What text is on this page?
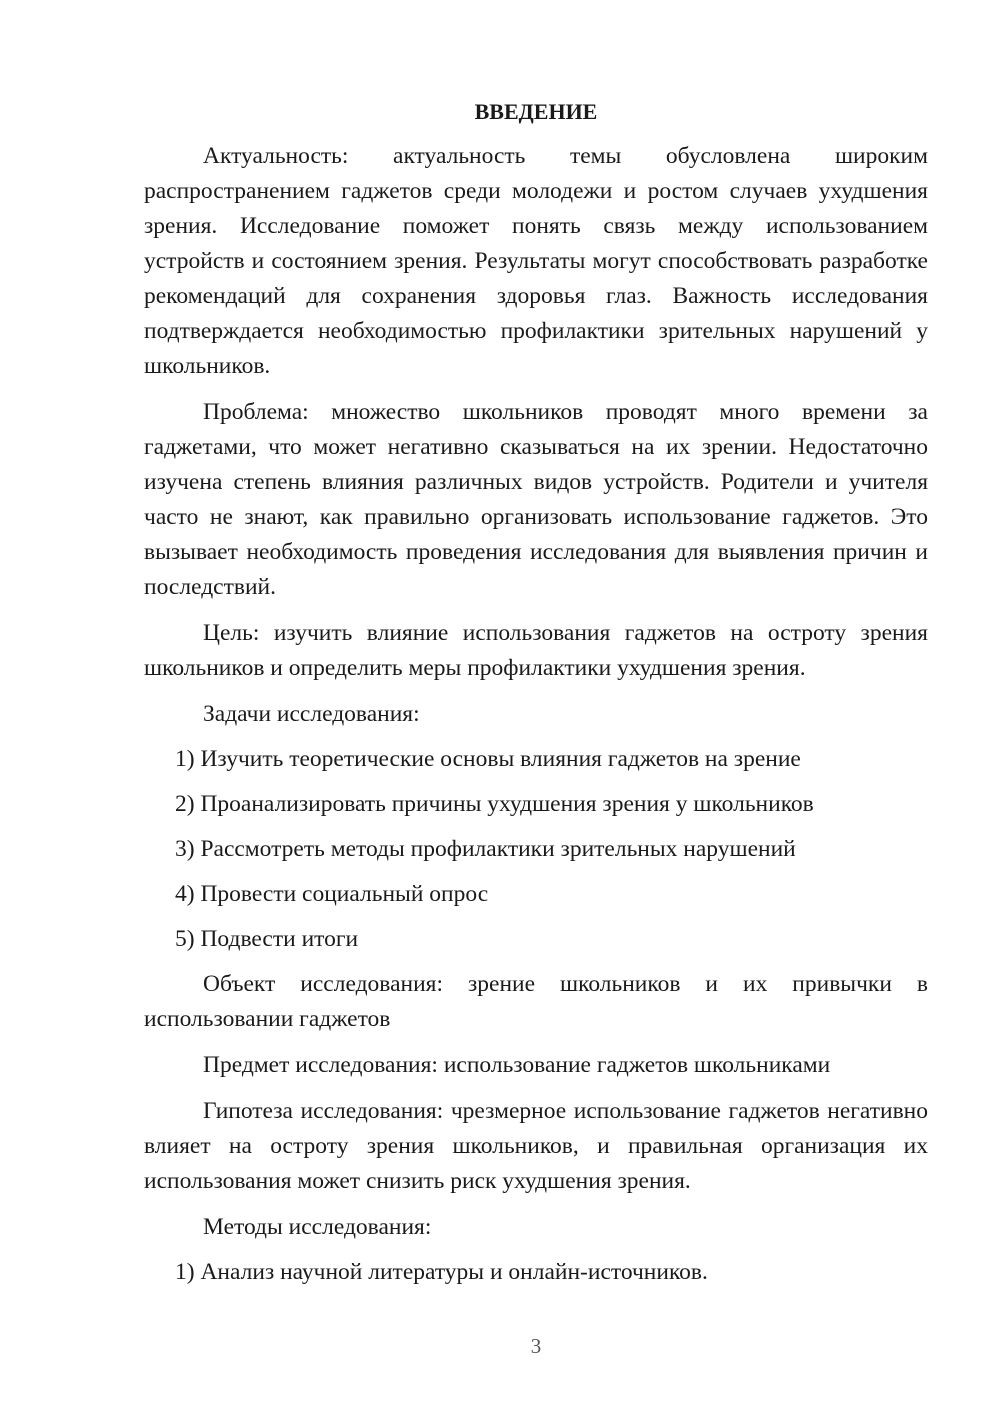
ВВЕДЕНИЕ

Актуальность: актуальность темы обусловлена широким распространением гаджетов среди молодежи и ростом случаев ухудшения зрения. Исследование поможет понять связь между использованием устройств и состоянием зрения. Результаты могут способствовать разработке рекомендаций для сохранения здоровья глаз. Важность исследования подтверждается необходимостью профилактики зрительных нарушений у школьников.

Проблема: множество школьников проводят много времени за гаджетами, что может негативно сказываться на их зрении. Недостаточно изучена степень влияния различных видов устройств. Родители и учителя часто не знают, как правильно организовать использование гаджетов. Это вызывает необходимость проведения исследования для выявления причин и последствий.

Цель: изучить влияние использования гаджетов на остроту зрения школьников и определить меры профилактики ухудшения зрения.

Задачи исследования:
1) Изучить теоретические основы влияния гаджетов на зрение
2) Проанализировать причины ухудшения зрения у школьников
3) Рассмотреть методы профилактики зрительных нарушений
4) Провести социальный опрос
5) Подвести итоги

Объект исследования: зрение школьников и их привычки в использовании гаджетов

Предмет исследования: использование гаджетов школьниками

Гипотеза исследования: чрезмерное использование гаджетов негативно влияет на остроту зрения школьников, и правильная организация их использования может снизить риск ухудшения зрения.

Методы исследования:
1) Анализ научной литературы и онлайн-источников.
3
